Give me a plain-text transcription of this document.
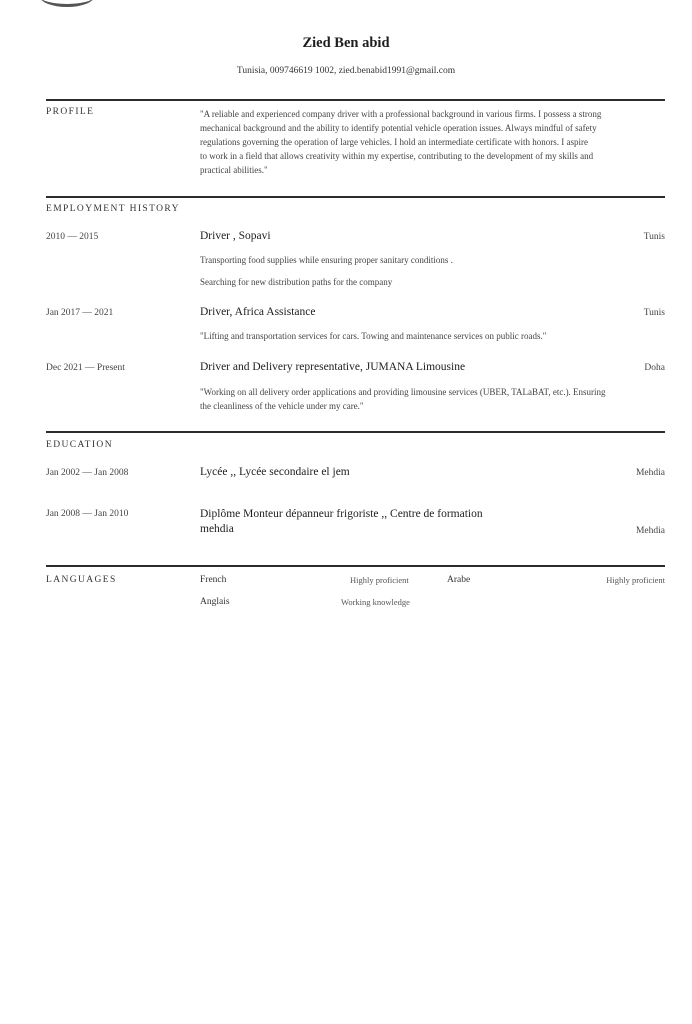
Zied Ben abid
Tunisia, 009746619 1002, zied.benabid1991@gmail.com
PROFILE	"A reliable and experienced company driver with a professional background in various firms. I possess a strong
mechanical background and the ability to identify potential vehicle operation issues. Always mindful of safety
regulations governing the operation of large vehicles. I hold an intermediate certificate with honors. I aspire
to work in a field that allows creativity within my expertise, contributing to the development of my skills and
practical abilities."
EMPLOYMENT HISTORY
2010 — 2015	Driver , Sopavi	Tunis
Transporting food supplies while ensuring proper sanitary conditions .
Searching for new distribution paths for the company
Jan 2017 — 2021	Driver, Africa Assistance	Tunis
"Lifting and transportation services for cars. Towing and maintenance services on public roads."
Dec 2021 — Present	Driver and Delivery representative, JUMANA Limousine	Doha
"Working on all delivery order applications and providing limousine services (UBER, TALaBAT, etc.). Ensuring
the cleanliness of the vehicle under my care."
EDUCATION
Jan 2002 — Jan 2008	Lycée ,, Lycée secondaire el jem	Mehdia
Jan 2008 — Jan 2010	Diplôme Monteur dépanneur frigoriste ,, Centre de formation
mehdia	Mehdia
LANGUAGES	French	Highly proficient	Arabe	Highly proficient
Anglais	Working knowledge
